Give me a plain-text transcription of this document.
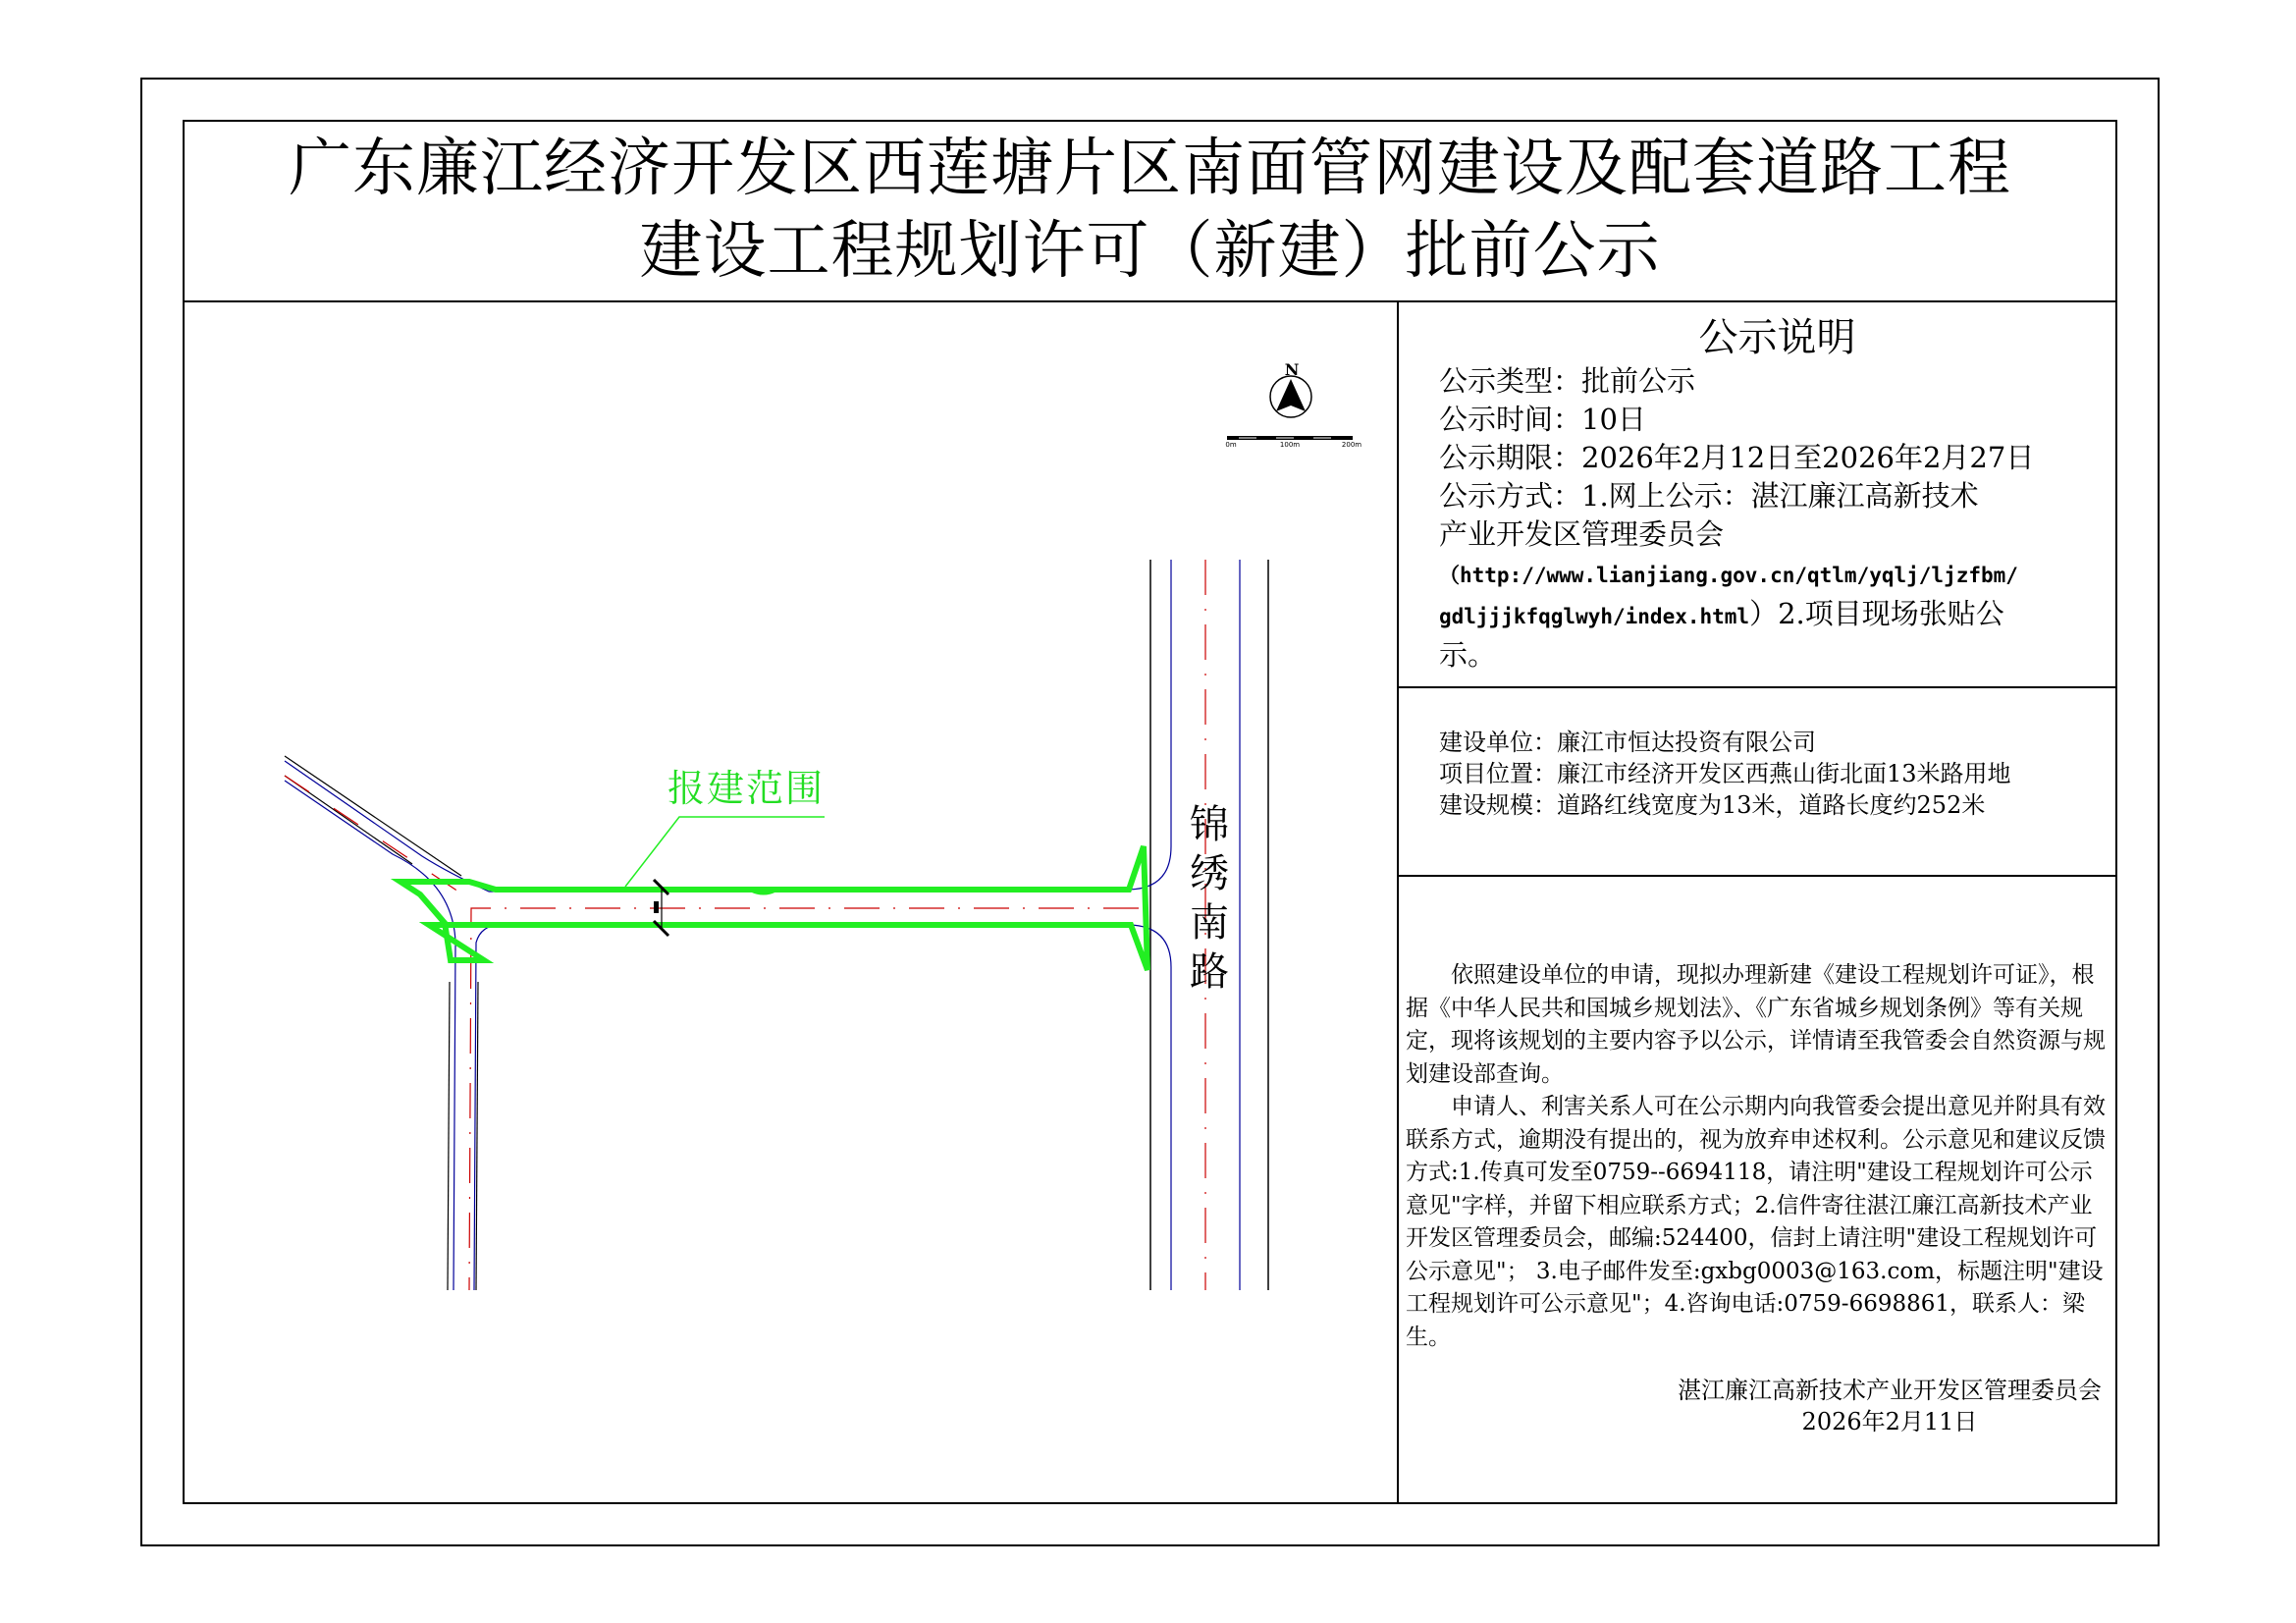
广东廉江经济开发区西莲塘片区南面管网建设及配套道路工程
建设工程规划许可（新建）批前公示
公示说明
公示类型：批前公示
公示时间：10日
公示期限：2026年2月12日至2026年2月27日
公示方式：1.网上公示：湛江廉江高新技术
产业开发区管理委员会
（http://www.lianjiang.gov.cn/qtlm/yqlj/ljzfbm/
gdljjjkfqglwyh/index.html）2.项目现场张贴公
示。
建设单位：廉江市恒达投资有限公司
项目位置：廉江市经济开发区西燕山街北面13米路用地
建设规模：道路红线宽度为13米，道路长度约252米

依照建设单位的申请，现拟办理新建《建设工程规划许可证》，根据《中华人民共和国城乡规划法》、《广东省城乡规划条例》等有关规定，现将该规划的主要内容予以公示，详情请至我管委会自然资源与规划建设部查询。

申请人、利害关系人可在公示期内向我管委会提出意见并附具有效联系方式，逾期没有提出的，视为放弃申述权利。公示意见和建议反馈方式:1.传真可发至0759--6694118，请注明"建设工程规划许可公示意见"字样，并留下相应联系方式；2.信件寄往湛江廉江高新技术产业开发区管理委员会，邮编:524400，信封上请注明"建设工程规划许可公示意见"； 3.电子邮件发至:gxbg0003@163.com，标题注明"建设工程规划许可公示意见"；4.咨询电话:0759-6698861，联系人：梁生。

湛江廉江高新技术产业开发区管理委员会
2026年2月11日
N
0m	100m	200m
报建范围
锦绣南路
